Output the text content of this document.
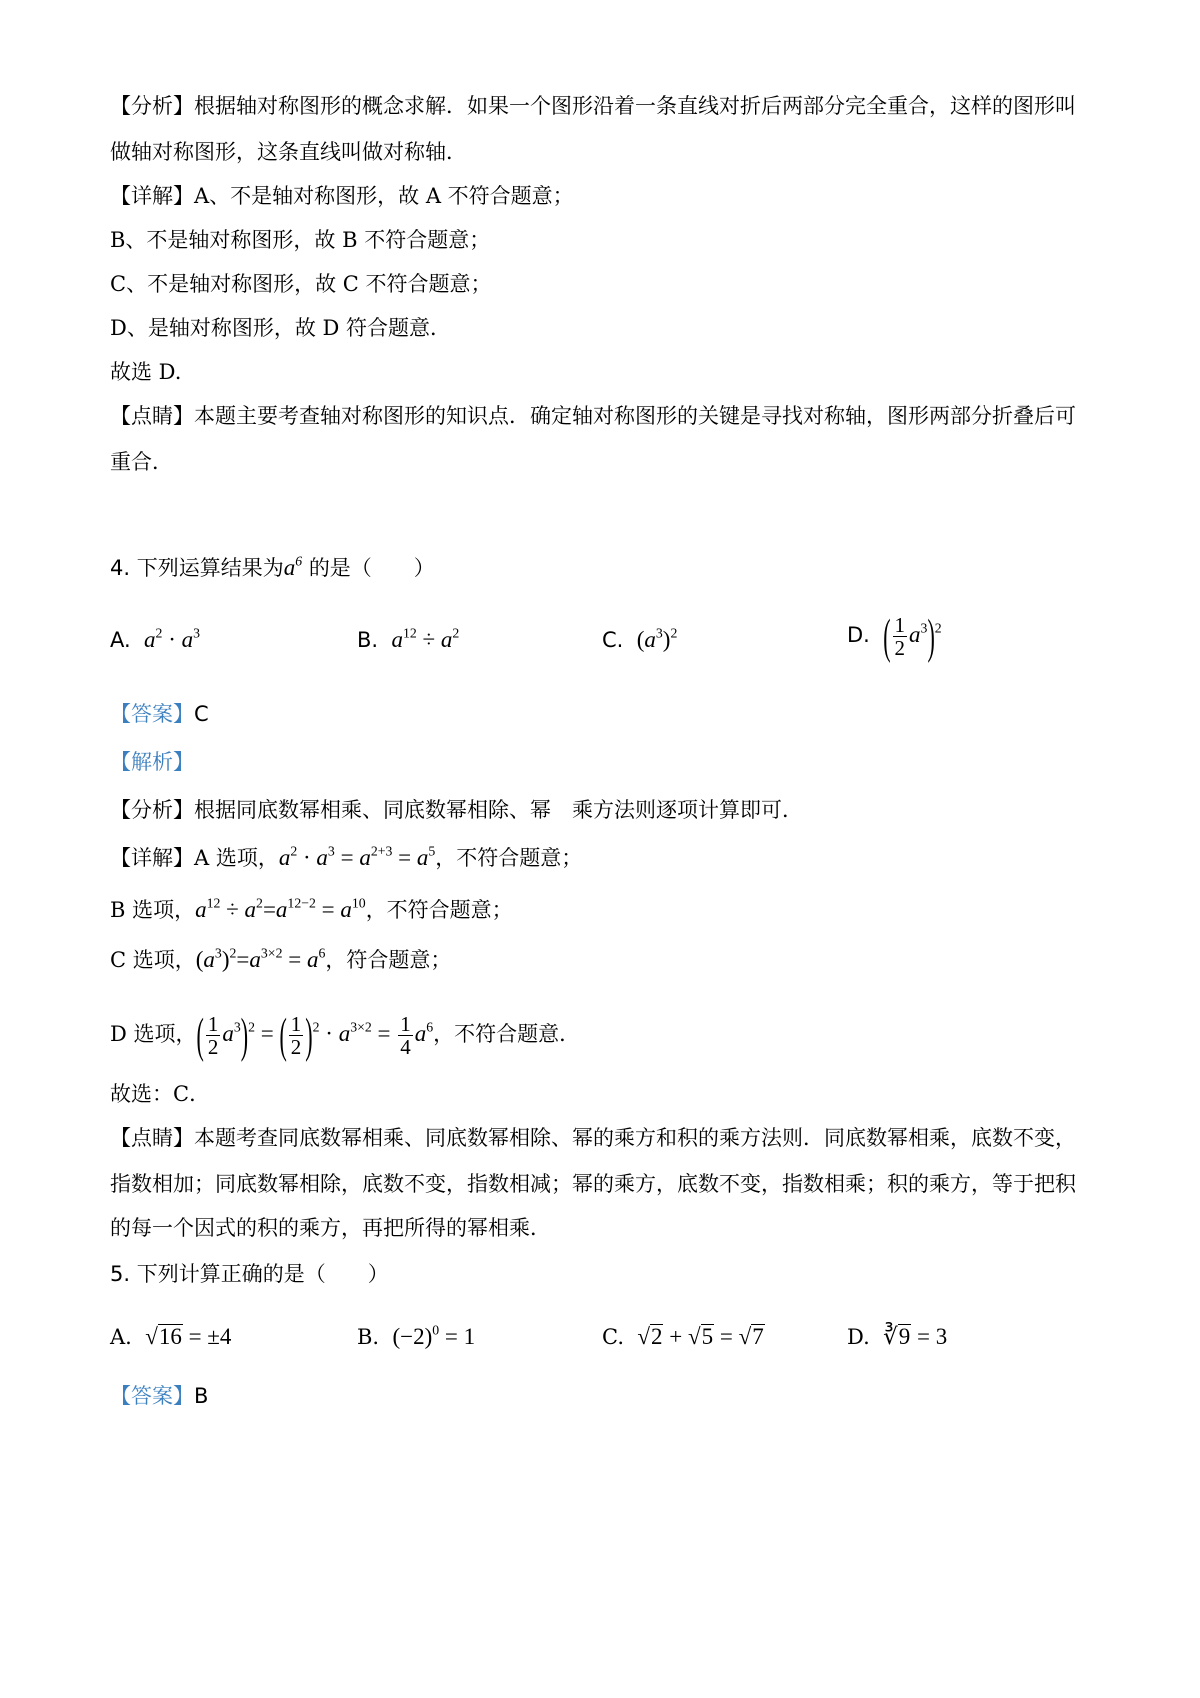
【分析】根据轴对称图形的概念求解．如果一个图形沿着一条直线对折后两部分完全重合，这样的图形叫
做轴对称图形，这条直线叫做对称轴．
【详解】A、不是轴对称图形，故 A 不符合题意；
B、不是轴对称图形，故 B 不符合题意；
C、不是轴对称图形，故 C 不符合题意；
D、是轴对称图形，故 D 符合题意．
故选 D.
【点睛】本题主要考查轴对称图形的知识点．确定轴对称图形的关键是寻找对称轴，图形两部分折叠后可
重合．
4. 下列运算结果为$a^6$ 的是（　　）
A. $a^2 \cdot a^3$	B. $a^{12} \div a^2$	C. $(a^3)^2$	D. ( $\frac{1}{2} a^3)^2$
【答案】C
【解析】
【分析】根据同底数幂相乘、同底数幂相除、幂　乘方法则逐项计算即可．
【详解】A 选项，$a^2 \cdot a^3 = a^{2+3} = a^5$，不符合题意；
B 选项，$a^{12} \div a^2=a^{12-2} = a^{10}$，不符合题意；
C 选项，$(a^3)^2=a^{3\times 2} = a^6$，符合题意；
D 选项，( $\frac{1}{2} a^3)^2$ = ( $\frac{1}{2} )^2 \cdot a^{3\times 2} = \frac{1}{4} a^6$，不符合题意．
故选：C．
【点睛】本题考查同底数幂相乘、同底数幂相除、幂的乘方和积的乘方法则．同底数幂相乘，底数不变，
指数相加；同底数幂相除，底数不变，指数相减；幂的乘方，底数不变，指数相乘；积的乘方，等于把积
的每一个因式的积的乘方，再把所得的幂相乘．
5. 下列计算正确的是（　　）
A. √16 = ±4	B. $(-2)^0 = 1$	C. √2 + √5 = √7	D. ∛9 = 3
【答案】B
